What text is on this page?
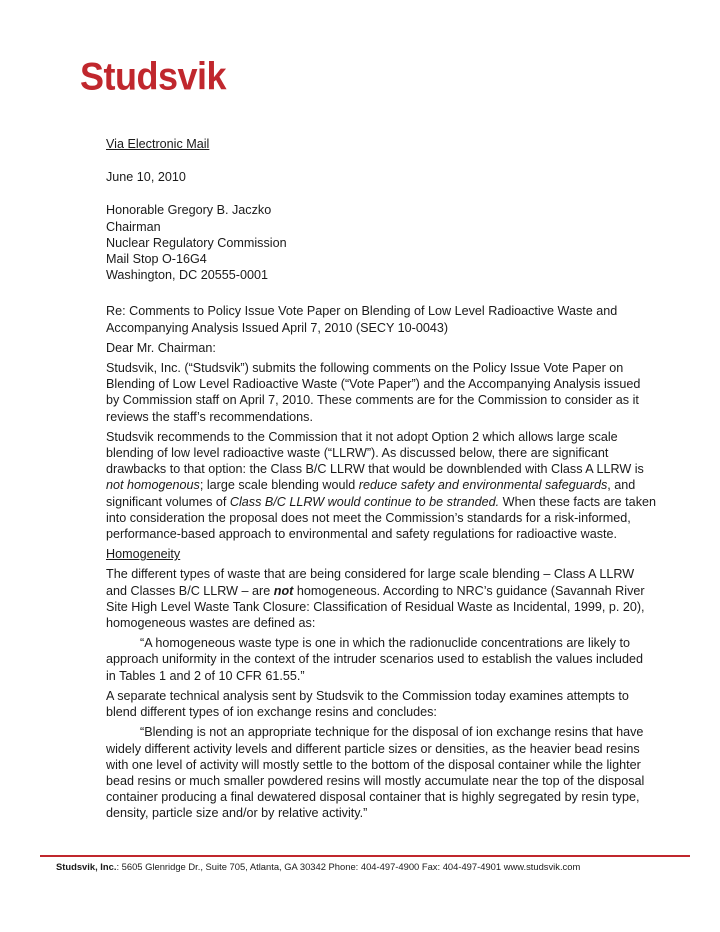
Studsvik

Via Electronic Mail

June 10, 2010

Honorable Gregory B. Jaczko

Chairman

Nuclear Regulatory Commission

Mail Stop O-16G4

Washington, DC 20555-0001

Re: Comments to Policy Issue Vote Paper on Blending of Low Level Radioactive Waste and Accompanying Analysis Issued April 7, 2010 (SECY 10-0043)

Dear Mr. Chairman:

Studsvik, Inc. (“Studsvik”) submits the following comments on the Policy Issue Vote Paper on Blending of Low Level Radioactive Waste (“Vote Paper”) and the Accompanying Analysis issued by Commission staff on April 7, 2010. These comments are for the Commission to consider as it reviews the staff’s recommendations.

Studsvik recommends to the Commission that it not adopt Option 2 which allows large scale blending of low level radioactive waste (“LLRW”). As discussed below, there are significant drawbacks to that option: the Class B/C LLRW that would be downblended with Class A LLRW is not homogenous; large scale blending would reduce safety and environmental safeguards, and significant volumes of Class B/C LLRW would continue to be stranded. When these facts are taken into consideration the proposal does not meet the Commission’s standards for a risk-informed, performance-based approach to environmental and safety regulations for radioactive waste.

Homogeneity

The different types of waste that are being considered for large scale blending – Class A LLRW and Classes B/C LLRW – are not homogeneous. According to NRC’s guidance (Savannah River Site High Level Waste Tank Closure: Classification of Residual Waste as Incidental, 1999, p. 20), homogeneous wastes are defined as:

“A homogeneous waste type is one in which the radionuclide concentrations are likely to approach uniformity in the context of the intruder scenarios used to establish the values included in Tables 1 and 2 of 10 CFR 61.55.”

A separate technical analysis sent by Studsvik to the Commission today examines attempts to blend different types of ion exchange resins and concludes:

“Blending is not an appropriate technique for the disposal of ion exchange resins that have widely different activity levels and different particle sizes or densities, as the heavier bead resins with one level of activity will mostly settle to the bottom of the disposal container while the lighter bead resins or much smaller powdered resins will mostly accumulate near the top of the disposal container producing a final dewatered disposal container that is highly segregated by resin type, density, particle size and/or by relative activity.”

Studsvik, Inc.: 5605 Glenridge Dr., Suite 705, Atlanta, GA 30342 Phone: 404-497-4900 Fax: 404-497-4901 www.studsvik.com
